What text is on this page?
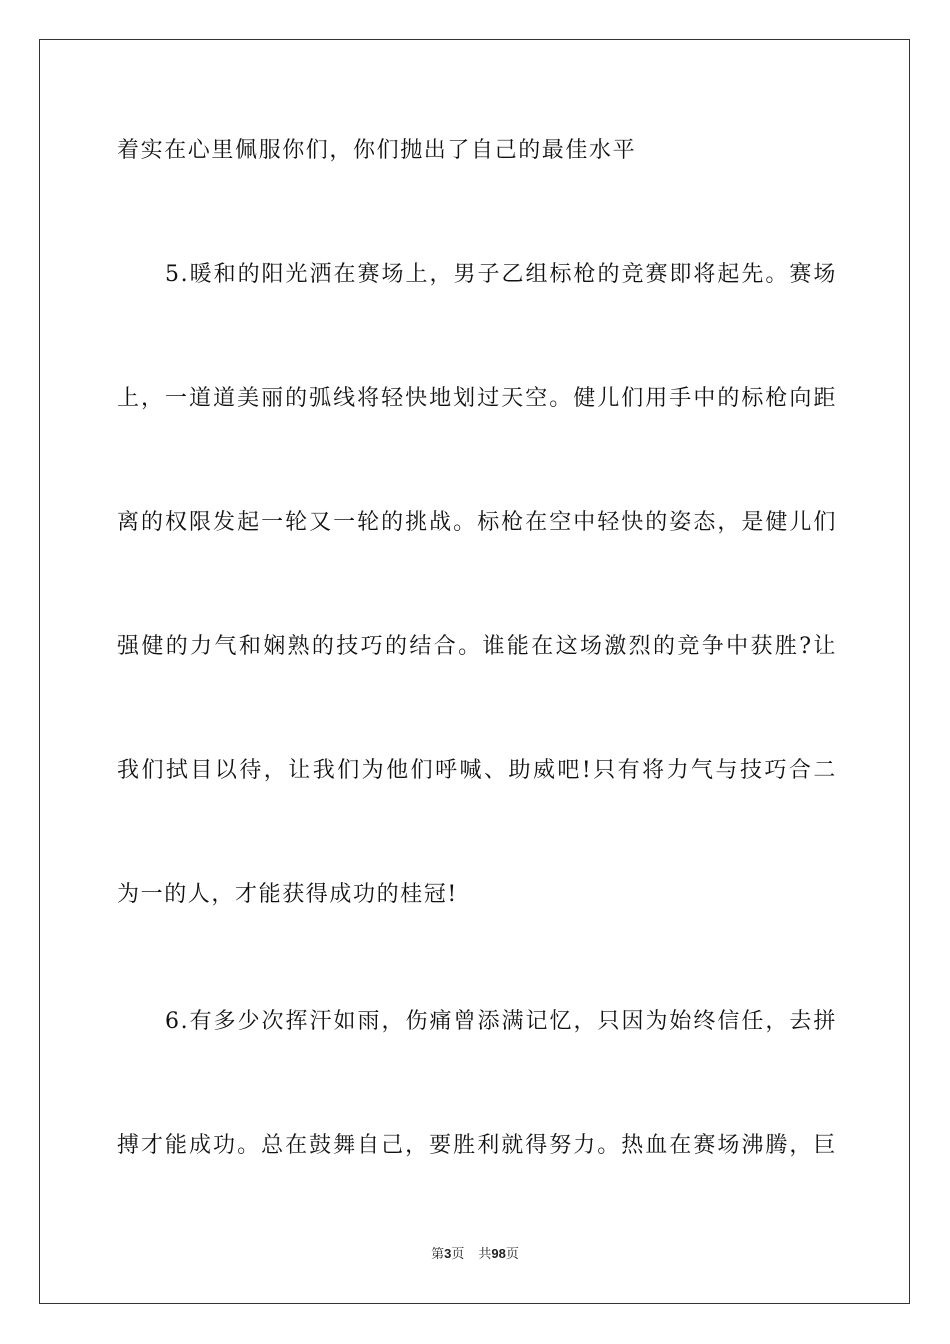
着实在心里佩服你们，你们抛出了自己的最佳水平
5.暖和的阳光洒在赛场上，男子乙组标枪的竞赛即将起先。赛场
上，一道道美丽的弧线将轻快地划过天空。健儿们用手中的标枪向距
离的权限发起一轮又一轮的挑战。标枪在空中轻快的姿态，是健儿们
强健的力气和娴熟的技巧的结合。谁能在这场激烈的竞争中获胜?让
我们拭目以待，让我们为他们呼喊、助威吧!只有将力气与技巧合二
为一的人，才能获得成功的桂冠!
6.有多少次挥汗如雨，伤痛曾添满记忆，只因为始终信任，去拼
搏才能成功。总在鼓舞自己，要胜利就得努力。热血在赛场沸腾，巨
第3页 共98页
